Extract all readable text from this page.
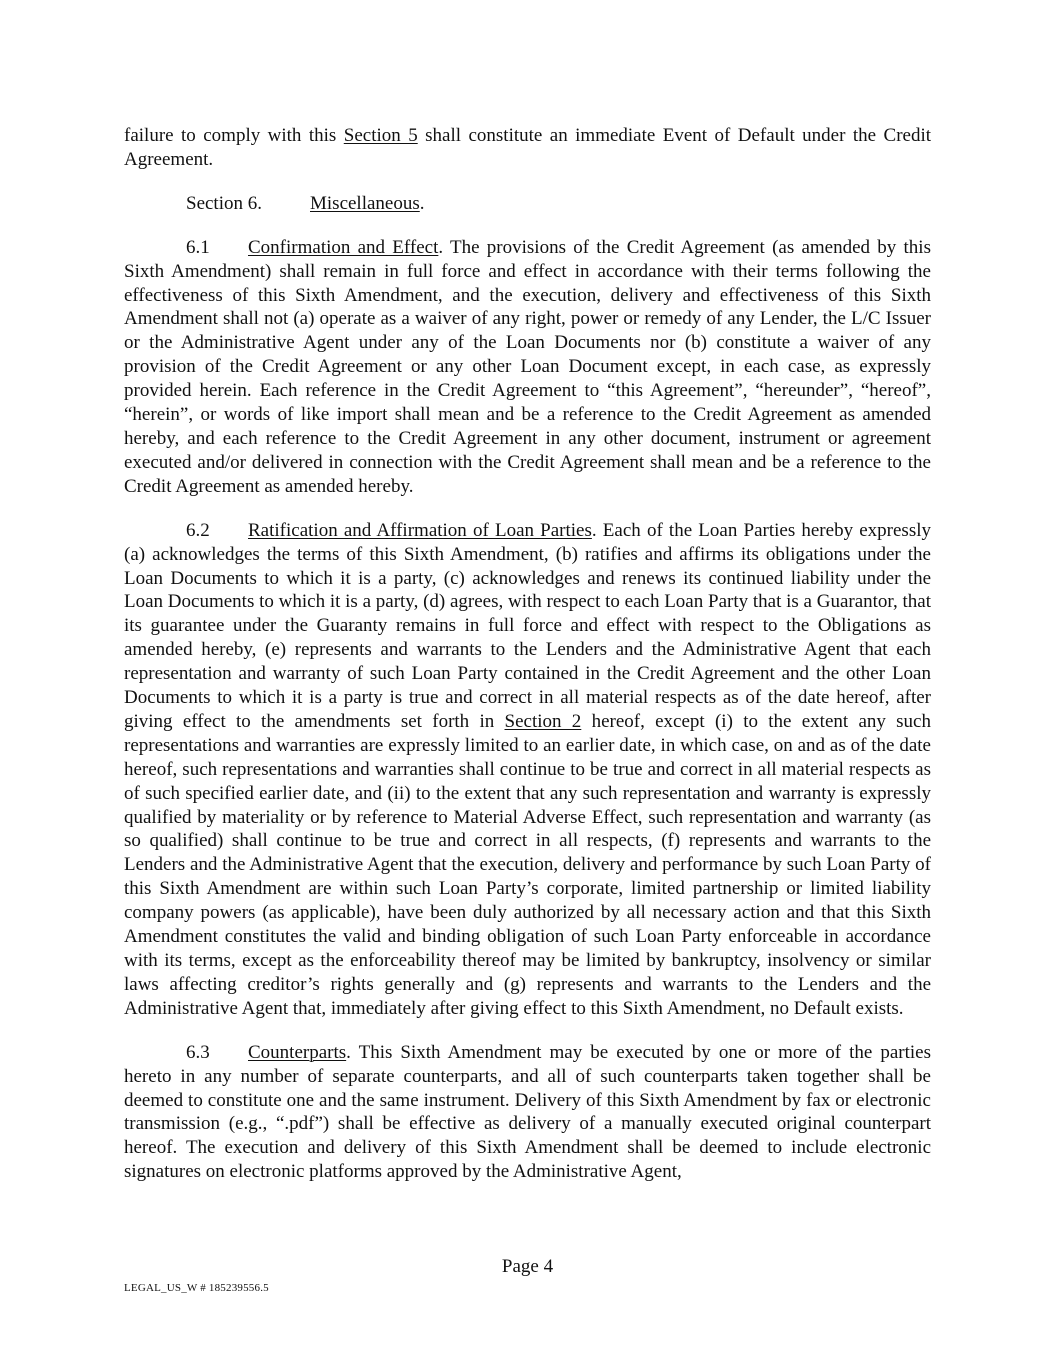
failure to comply with this Section 5 shall constitute an immediate Event of Default under the Credit Agreement.

Section 6.	Miscellaneous.

6.1 Confirmation and Effect. The provisions of the Credit Agreement (as amended by this Sixth Amendment) shall remain in full force and effect in accordance with their terms following the effectiveness of this Sixth Amendment, and the execution, delivery and effectiveness of this Sixth Amendment shall not (a) operate as a waiver of any right, power or remedy of any Lender, the L/C Issuer or the Administrative Agent under any of the Loan Documents nor (b) constitute a waiver of any provision of the Credit Agreement or any other Loan Document except, in each case, as expressly provided herein. Each reference in the Credit Agreement to “this Agreement”, “hereunder”, “hereof”, “herein”, or words of like import shall mean and be a reference to the Credit Agreement as amended hereby, and each reference to the Credit Agreement in any other document, instrument or agreement executed and/or delivered in connection with the Credit Agreement shall mean and be a reference to the Credit Agreement as amended hereby.

6.2 Ratification and Affirmation of Loan Parties. Each of the Loan Parties hereby expressly (a) acknowledges the terms of this Sixth Amendment, (b) ratifies and affirms its obligations under the Loan Documents to which it is a party, (c) acknowledges and renews its continued liability under the Loan Documents to which it is a party, (d) agrees, with respect to each Loan Party that is a Guarantor, that its guarantee under the Guaranty remains in full force and effect with respect to the Obligations as amended hereby, (e) represents and warrants to the Lenders and the Administrative Agent that each representation and warranty of such Loan Party contained in the Credit Agreement and the other Loan Documents to which it is a party is true and correct in all material respects as of the date hereof, after giving effect to the amendments set forth in Section 2 hereof, except (i) to the extent any such representations and warranties are expressly limited to an earlier date, in which case, on and as of the date hereof, such representations and warranties shall continue to be true and correct in all material respects as of such specified earlier date, and (ii) to the extent that any such representation and warranty is expressly qualified by materiality or by reference to Material Adverse Effect, such representation and warranty (as so qualified) shall continue to be true and correct in all respects, (f) represents and warrants to the Lenders and the Administrative Agent that the execution, delivery and performance by such Loan Party of this Sixth Amendment are within such Loan Party’s corporate, limited partnership or limited liability company powers (as applicable), have been duly authorized by all necessary action and that this Sixth Amendment constitutes the valid and binding obligation of such Loan Party enforceable in accordance with its terms, except as the enforceability thereof may be limited by bankruptcy, insolvency or similar laws affecting creditor’s rights generally and (g) represents and warrants to the Lenders and the Administrative Agent that, immediately after giving effect to this Sixth Amendment, no Default exists.

6.3 Counterparts. This Sixth Amendment may be executed by one or more of the parties hereto in any number of separate counterparts, and all of such counterparts taken together shall be deemed to constitute one and the same instrument. Delivery of this Sixth Amendment by fax or electronic transmission (e.g., “.pdf”) shall be effective as delivery of a manually executed original counterpart hereof. The execution and delivery of this Sixth Amendment shall be deemed to include electronic signatures on electronic platforms approved by the Administrative Agent,

Page 4
LEGAL_US_W # 185239556.5
